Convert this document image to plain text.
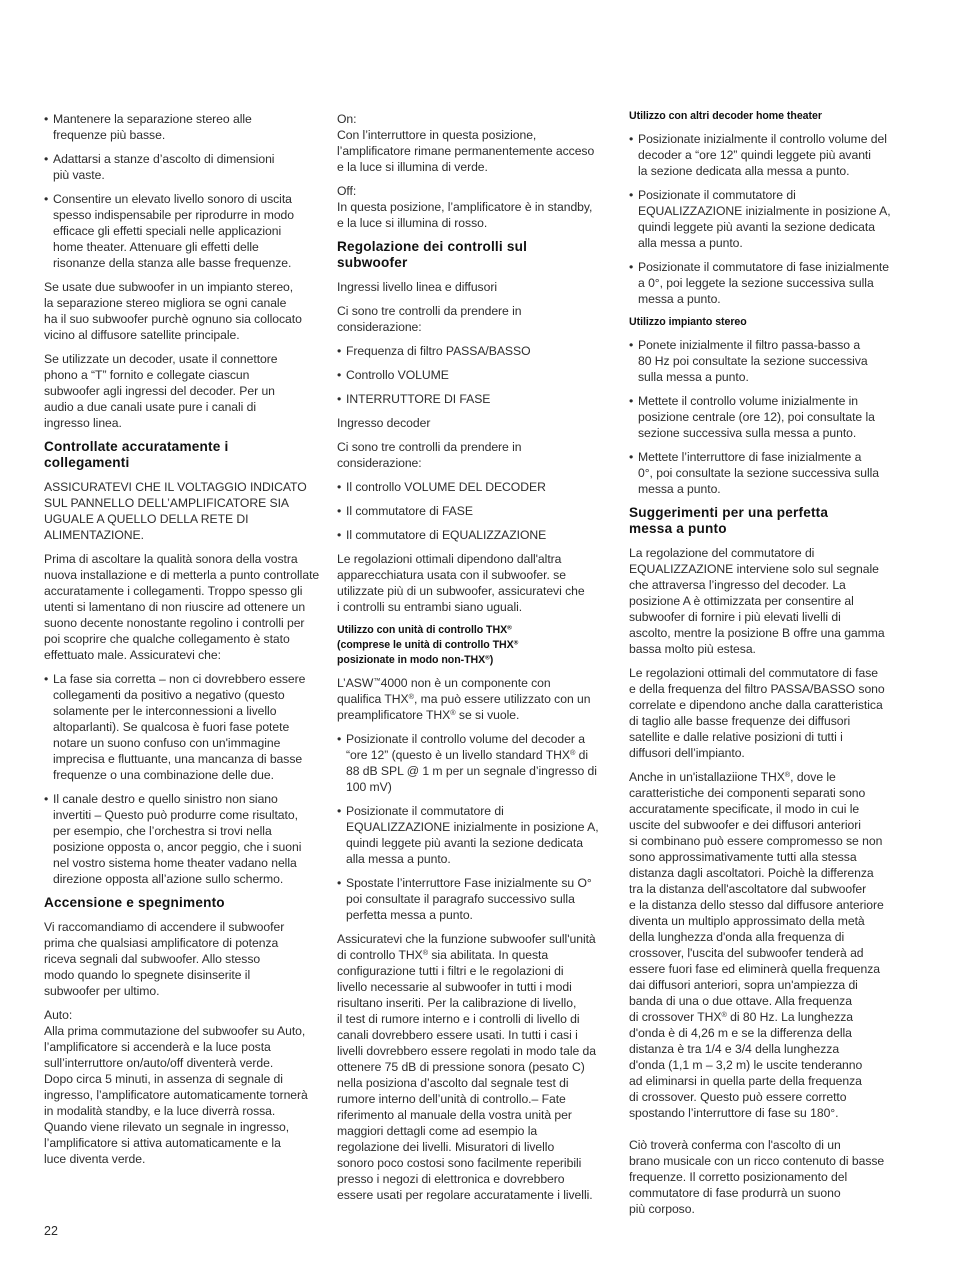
• Mantenere la separazione stereo alle
frequenze più basse.
• Adattarsi a stanze d’ascolto di dimensioni
più vaste.
• Consentire un elevato livello sonoro di uscita
spesso indispensabile per riprodurre in modo
efficace gli effetti speciali nelle applicazioni
home theater. Attenuare gli effetti delle
risonanze della stanza alle basse frequenze.

Se usate due subwoofer in un impianto stereo,
la separazione stereo migliora se ogni canale
ha il suo subwoofer purchè ognuno sia collocato
vicino al diffusore satellite principale.

Se utilizzate un decoder, usate il connettore
phono a “T” fornito e collegate ciascun
subwoofer agli ingressi del decoder. Per un
audio a due canali usate pure i canali di
ingresso linea.

Controllate accuratamente i
collegamenti

ASSICURATEVI CHE IL VOLTAGGIO INDICATO
SUL PANNELLO DELL’AMPLIFICATORE SIA
UGUALE A QUELLO DELLA RETE DI
ALIMENTAZIONE.

Prima di ascoltare la qualità sonora della vostra
nuova installazione e di metterla a punto controllate
accuratamente i collegamenti. Troppo spesso gli
utenti si lamentano di non riuscire ad ottenere un
suono decente nonostante regolino i controlli per
poi scoprire che qualche collegamento è stato
effettuato male. Assicuratevi che:

• La fase sia corretta – non ci dovrebbero essere
collegamenti da positivo a negativo (questo
solamente per le interconnessioni a livello
altoparlanti). Se qualcosa è fuori fase potete
notare un suono confuso con un'immagine
imprecisa e fluttuante, una mancanza di basse
frequenze o una combinazione delle due.
• Il canale destro e quello sinistro non siano
invertiti – Questo può produrre come risultato,
per esempio, che l’orchestra si trovi nella
posizione opposta o, ancor peggio, che i suoni
nel vostro sistema home theater vadano nella
direzione opposta all’azione sullo schermo.
Accensione e spegnimento

Vi raccomandiamo di accendere il subwoofer
prima che qualsiasi amplificatore di potenza
riceva segnali dal subwoofer. Allo stesso
modo quando lo spegnete disinserite il
subwoofer per ultimo.

Auto:
Alla prima commutazione del subwoofer su Auto,
l’amplificatore si accenderà e la luce posta
sull’interruttore on/auto/off diventerà verde.
Dopo circa 5 minuti, in assenza di segnale di
ingresso, l’amplificatore automaticamente tornerà
in modalità standby, e la luce diverrà rossa.
Quando viene rilevato un segnale in ingresso,
l’amplificatore si attiva automaticamente e la
luce diventa verde.

On:
Con l’interruttore in questa posizione,
l’amplificatore rimane permanentemente acceso
e la luce si illumina di verde.

Off:
In questa posizione, l’amplificatore è in standby,
e la luce si illumina di rosso.

Regolazione dei controlli sul
subwoofer

Ingressi livello linea e diffusori

Ci sono tre controlli da prendere in
considerazione:

• Frequenza di filtro PASSA/BASSO
• Controllo VOLUME
• INTERRUTTORE DI FASE

Ingresso decoder

Ci sono tre controlli da prendere in
considerazione:

• Il controllo VOLUME DEL DECODER
• Il commutatore di FASE
• Il commutatore di EQUALIZZAZIONE

Le regolazioni ottimali dipendono dall'altra
apparecchiatura usata con il subwoofer. se
utilizzate più di un subwoofer, assicuratevi che
i controlli su entrambi siano uguali.

Utilizzo con unità di controllo THX®
(comprese le unità di controllo THX®
posizionate in modo non-THX®)

L’ASW™4000 non è un componente con
qualifica THX®, ma può essere utilizzato con un
preamplificatore THX® se si vuole.

• Posizionate il controllo volume del decoder a
“ore 12” (questo è un livello standard THX® di
88 dB SPL @ 1 m per un segnale d’ingresso di
100 mV)
• Posizionate il commutatore di
EQUALIZZAZIONE inizialmente in posizione A,
quindi leggete più avanti la sezione dedicata
alla messa a punto.
• Spostate l’interruttore Fase inizialmente su O°
poi consultate il paragrafo successivo sulla
perfetta messa a punto.

Assicuratevi che la funzione subwoofer sull'unità
di controllo THX® sia abilitata. In questa
configurazione tutti i filtri e le regolazioni di
livello necessarie al subwoofer in tutti i modi
risultano inseriti. Per la calibrazione di livello,
il test di rumore interno e i controlli di livello di
canali dovrebbero essere usati. In tutti i casi i
livelli dovrebbero essere regolati in modo tale da
ottenere 75 dB di pressione sonora (pesato C)
nella posiziona d’ascolto dal segnale test di
rumore interno dell’unità di controllo.– Fate
riferimento al manuale della vostra unità per
maggiori dettagli come ad esempio la
regolazione dei livelli. Misuratori di livello
sonoro poco costosi sono facilmente reperibili
presso i negozi di elettronica e dovrebbero
essere usati per regolare accuratamente i livelli.

Utilizzo con altri decoder home theater
• Posizionate inizialmente il controllo volume del
decoder a “ore 12” quindi leggete più avanti
la sezione dedicata alla messa a punto.
• Posizionate il commutatore di
EQUALIZZAZIONE inizialmente in posizione A,
quindi leggete più avanti la sezione dedicata
alla messa a punto.
• Posizionate il commutatore di fase inizialmente
a 0°, poi leggete la sezione successiva sulla
messa a punto.
Utilizzo impianto stereo
• Ponete inizialmente il filtro passa-basso a
80 Hz poi consultate la sezione successiva
sulla messa a punto.
• Mettete il controllo volume inizialmente in
posizione centrale (ore 12), poi consultate la
sezione successiva sulla messa a punto.
• Mettete l’interruttore di fase inizialmente a
0°, poi consultate la sezione successiva sulla
messa a punto.
Suggerimenti per una perfetta
messa a punto

La regolazione del commutatore di
EQUALIZZAZIONE interviene solo sul segnale
che attraversa l’ingresso del decoder. La
posizione A è ottimizzata per consentire al
subwoofer di fornire i più elevati livelli di
ascolto, mentre la posizione B offre una gamma
bassa molto più estesa.

Le regolazioni ottimali del commutatore di fase
e della frequenza del filtro PASSA/BASSO sono
correlate e dipendono anche dalla caratteristica
di taglio alle basse frequenze dei diffusori
satellite e dalle relative posizioni di tutti i
diffusori dell’impianto.

Anche in un'istallaziione THX®, dove le
caratteristiche dei componenti separati sono
accuratamente specificate, il modo in cui le
uscite del subwoofer e dei diffusori anteriori
si combinano può essere compromesso se non
sono approssimativamente tutti alla stessa
distanza dagli ascoltatori. Poichè la differenza
tra la distanza dell'ascoltatore dal subwoofer
e la distanza dello stesso dal diffusore anteriore
diventa un multiplo approssimato della metà
della lunghezza d'onda alla frequenza di
crossover, l'uscita del subwoofer tenderà ad
essere fuori fase ed eliminerà quella frequenza
dai diffusori anteriori, sopra un'ampiezza di
banda di una o due ottave. Alla frequenza
di crossover THX® di 80 Hz. La lunghezza
d'onda è di 4,26 m e se la differenza della
distanza è tra 1/4 e 3/4 della lunghezza
d'onda (1,1 m – 3,2 m) le uscite tenderanno
ad eliminarsi in quella parte della frequenza
di crossover. Questo può essere corretto
spostando l’interruttore di fase su 180°.

Ciò troverà conferma con l'ascolto di un
brano musicale con un ricco contenuto di basse
frequenze. Il corretto posizionamento del
commutatore di fase produrrà un suono
più corposo.

22
